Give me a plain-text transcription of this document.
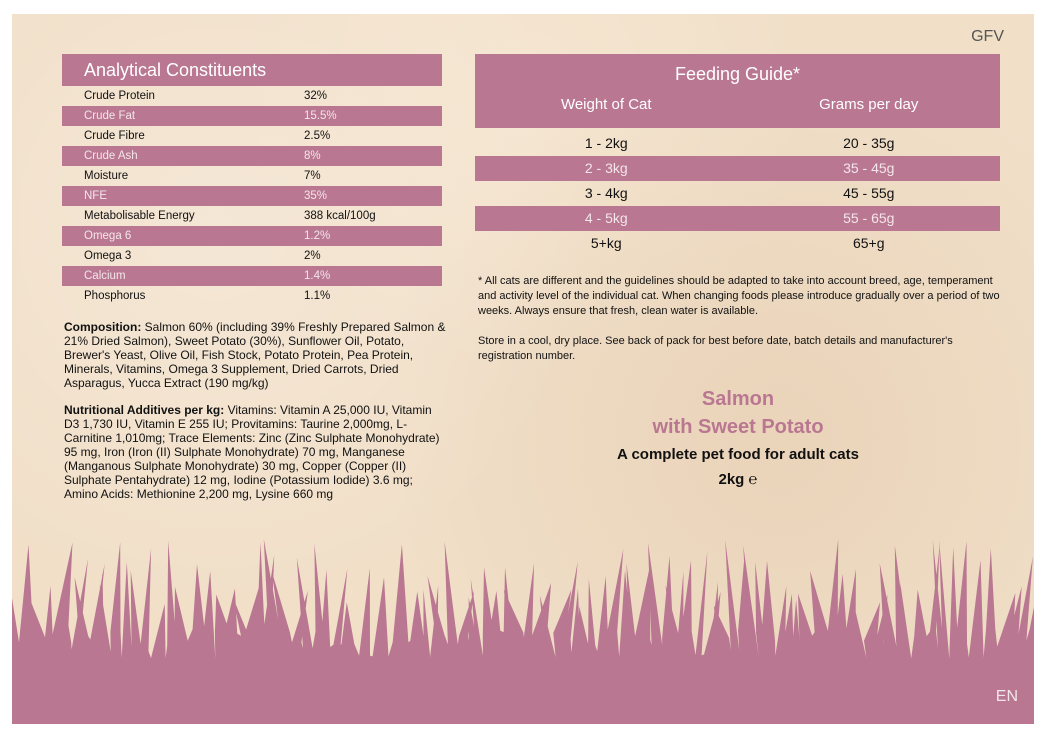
GFV
Analytical Constituents
Crude Protein	32%
Crude Fat	15.5%
Crude Fibre	2.5%
Crude Ash	8%
Moisture	7%
NFE	35%
Metabolisable Energy	388 kcal/100g
Omega 6	1.2%
Omega 3	2%
Calcium	1.4%
Phosphorus	1.1%

Composition: Salmon 60% (including 39% Freshly Prepared Salmon & 21% Dried Salmon), Sweet Potato (30%), Sunflower Oil, Potato, Brewer's Yeast, Olive Oil, Fish Stock, Potato Protein, Pea Protein, Minerals, Vitamins, Omega 3 Supplement, Dried Carrots, Dried Asparagus, Yucca Extract (190 mg/kg)

Nutritional Additives per kg: Vitamins: Vitamin A 25,000 IU, Vitamin D3 1,730 IU, Vitamin E 255 IU; Provitamins: Taurine 2,000mg, L-Carnitine 1,010mg; Trace Elements: Zinc (Zinc Sulphate Monohydrate) 95 mg, Iron (Iron (II) Sulphate Monohydrate) 70 mg, Manganese (Manganous Sulphate Monohydrate) 30 mg, Copper (Copper (II) Sulphate Pentahydrate) 12 mg, Iodine (Potassium Iodide) 3.6 mg; Amino Acids: Methionine 2,200 mg, Lysine 660 mg

Feeding Guide*
Weight of Cat	Grams per day
1 - 2kg	20 - 35g
2 - 3kg	35 - 45g
3 - 4kg	45 - 55g
4 - 5kg	55 - 65g
5+kg	65+g
* All cats are different and the guidelines should be adapted to take into account breed, age, temperament and activity level of the individual cat. When changing foods please introduce gradually over a period of two weeks. Always ensure that fresh, clean water is available.
Store in a cool, dry place. See back of pack for best before date, batch details and manufacturer's registration number.
Salmon
with Sweet Potato
A complete pet food for adult cats
2kg ℮
EN
